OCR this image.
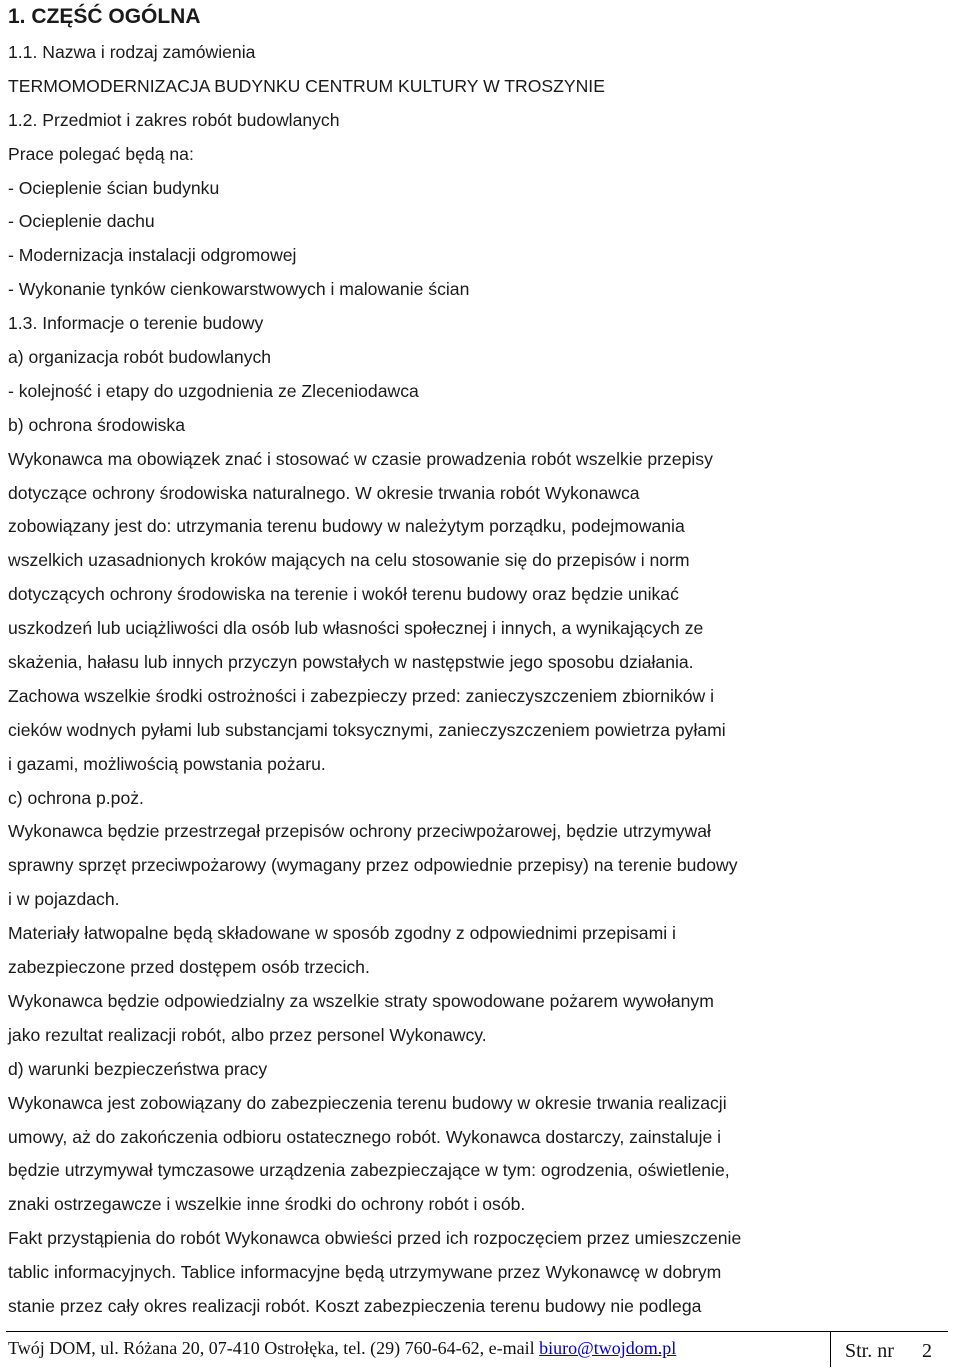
1. CZĘŚĆ OGÓLNA

1.1. Nazwa i rodzaj zamówienia

TERMOMODERNIZACJA BUDYNKU CENTRUM KULTURY W TROSZYNIE

1.2. Przedmiot i zakres robót budowlanych

Prace polegać będą na:

- Ocieplenie ścian budynku

- Ocieplenie dachu

- Modernizacja instalacji odgromowej

- Wykonanie tynków cienkowarstwowych i malowanie ścian

1.3. Informacje o terenie budowy

a) organizacja robót budowlanych

- kolejność i etapy do uzgodnienia ze Zleceniodawca

b) ochrona środowiska

Wykonawca ma obowiązek znać i stosować w czasie prowadzenia robót wszelkie przepisy

dotyczące ochrony środowiska naturalnego. W okresie trwania robót Wykonawca

zobowiązany jest do: utrzymania terenu budowy w należytym porządku, podejmowania

wszelkich uzasadnionych kroków mających na celu stosowanie się do przepisów i norm

dotyczących ochrony środowiska na terenie i wokół terenu budowy oraz będzie unikać

uszkodzeń lub uciążliwości dla osób lub własności społecznej i innych, a wynikających ze

skażenia, hałasu lub innych przyczyn powstałych w następstwie jego sposobu działania.

Zachowa wszelkie środki ostrożności i zabezpieczy przed: zanieczyszczeniem zbiorników i

cieków wodnych pyłami lub substancjami toksycznymi, zanieczyszczeniem powietrza pyłami

i gazami, możliwością powstania pożaru.

c) ochrona p.poż.

Wykonawca będzie przestrzegał przepisów ochrony przeciwpożarowej, będzie utrzymywał

sprawny sprzęt przeciwpożarowy (wymagany przez odpowiednie przepisy) na terenie budowy

i w pojazdach.

Materiały łatwopalne będą składowane w sposób zgodny z odpowiednimi przepisami i

zabezpieczone przed dostępem osób trzecich.

Wykonawca będzie odpowiedzialny za wszelkie straty spowodowane pożarem wywołanym

jako rezultat realizacji robót, albo przez personel Wykonawcy.

d) warunki bezpieczeństwa pracy

Wykonawca jest zobowiązany do zabezpieczenia terenu budowy w okresie trwania realizacji

umowy, aż do zakończenia odbioru ostatecznego robót. Wykonawca dostarczy, zainstaluje i

będzie utrzymywał tymczasowe urządzenia zabezpieczające w tym: ogrodzenia, oświetlenie,

znaki ostrzegawcze i wszelkie inne środki do ochrony robót i osób.

Fakt przystąpienia do robót Wykonawca obwieści przed ich rozpoczęciem przez umieszczenie

tablic informacyjnych. Tablice informacyjne będą utrzymywane przez Wykonawcę w dobrym

stanie przez cały okres realizacji robót. Koszt zabezpieczenia terenu budowy nie podlega

Twój DOM, ul. Różana 20, 07-410 Ostrołęka, tel. (29) 760-64-62, e-mail biuro@twojdom.pl	Str. nr 2
